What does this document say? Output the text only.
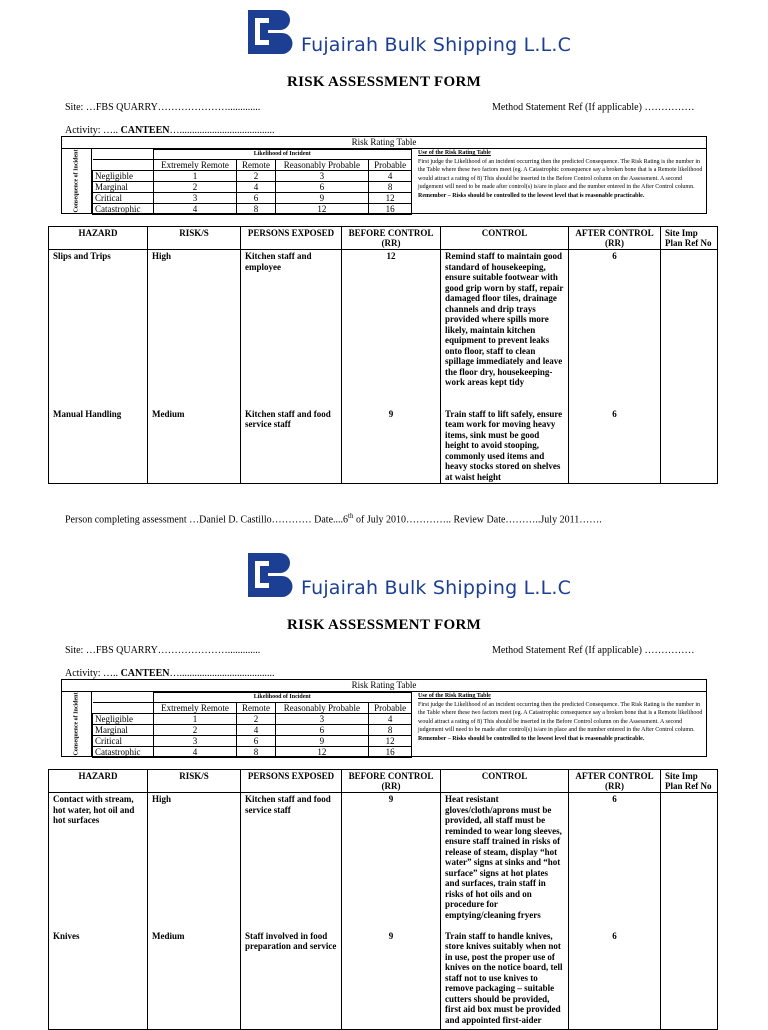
Fujairah Bulk Shipping L.L.C
RISK ASSESSMENT FORM
Site: …FBS QUARRY………………….............	Method Statement Ref (If applicable) ……………
Activity: ….. CANTEEN…......................................
Risk Rating Table
Consequence of Incident
		Likelihood of Incident			
	Extremely Remote	Remote	Reasonably Probable	Probable
Negligible	1	2	3	4
Marginal	2	4	6	8
Critical	3	6	9	12
Catastrophic	4	8	12	16
Use of the Risk Rating Table
First judge the Likelihood of an incident occurring then the predicted Consequence. The Risk Rating is the number in the Table where these two factors meet (eg. A Catastrophic consequence say a broken bone that is a Remote likelihood would attract a rating of 8) This should be inserted in the Before Control column on the Assessment. A second judgement will need to be made after control(s) is/are in place and the number entered in the After Control column.
Remember – Risks should be controlled to the lowest level that is reasonable practicable.
HAZARD	RISK/S	PERSONS EXPOSED	BEFORE CONTROL (RR)	CONTROL	AFTER CONTROL (RR)	Site Imp Plan Ref No
Slips and Trips	High	Kitchen staff and employee	12	Remind staff to maintain good standard of housekeeping, ensure suitable footwear with good grip worn by staff, repair damaged floor tiles, drainage channels and drip trays provided where spills more likely, maintain kitchen equipment to prevent leaks onto floor, staff to clean spillage immediately and leave the floor dry, housekeeping-work areas kept tidy	6	
Manual Handling	Medium	Kitchen staff and food service staff	9	Train staff to lift safely, ensure team work for moving heavy items, sink must be good height to avoid stooping, commonly used items and heavy stocks stored on shelves at waist height	6	
Person completing assessment …Daniel D. Castillo………… Date....6th of July 2010………….. Review Date………..July 2011…….
Fujairah Bulk Shipping L.L.C
RISK ASSESSMENT FORM
Site: …FBS QUARRY………………….............	Method Statement Ref (If applicable) ……………
Activity: ….. CANTEEN…......................................
Risk Rating Table
Consequence of Incident
		Likelihood of Incident			
	Extremely Remote	Remote	Reasonably Probable	Probable
Negligible	1	2	3	4
Marginal	2	4	6	8
Critical	3	6	9	12
Catastrophic	4	8	12	16
Use of the Risk Rating Table
First judge the Likelihood of an incident occurring then the predicted Consequence. The Risk Rating is the number in the Table where these two factors meet (eg. A Catastrophic consequence say a broken bone that is a Remote likelihood would attract a rating of 8) This should be inserted in the Before Control column on the Assessment. A second judgement will need to be made after control(s) is/are in place and the number entered in the After Control column.
Remember – Risks should be controlled to the lowest level that is reasonable practicable.
HAZARD	RISK/S	PERSONS EXPOSED	BEFORE CONTROL (RR)	CONTROL	AFTER CONTROL (RR)	Site Imp Plan Ref No
Contact with stream, hot water, hot oil and hot surfaces	High	Kitchen staff and food service staff	9	Heat resistant gloves/cloth/aprons must be provided, all staff must be reminded to wear long sleeves, ensure staff trained in risks of release of steam, display “hot water” signs at sinks and “hot surface” signs at hot plates and surfaces, train staff in risks of hot oils and on procedure for emptying/cleaning fryers	6	
Knives	Medium	Staff involved in food preparation and service	9	Train staff to handle knives, store knives suitably when not in use, post the proper use of knives on the notice board, tell staff not to use knives to remove packaging – suitable cutters should be provided, first aid box must be provided and appointed first-aider	6	
